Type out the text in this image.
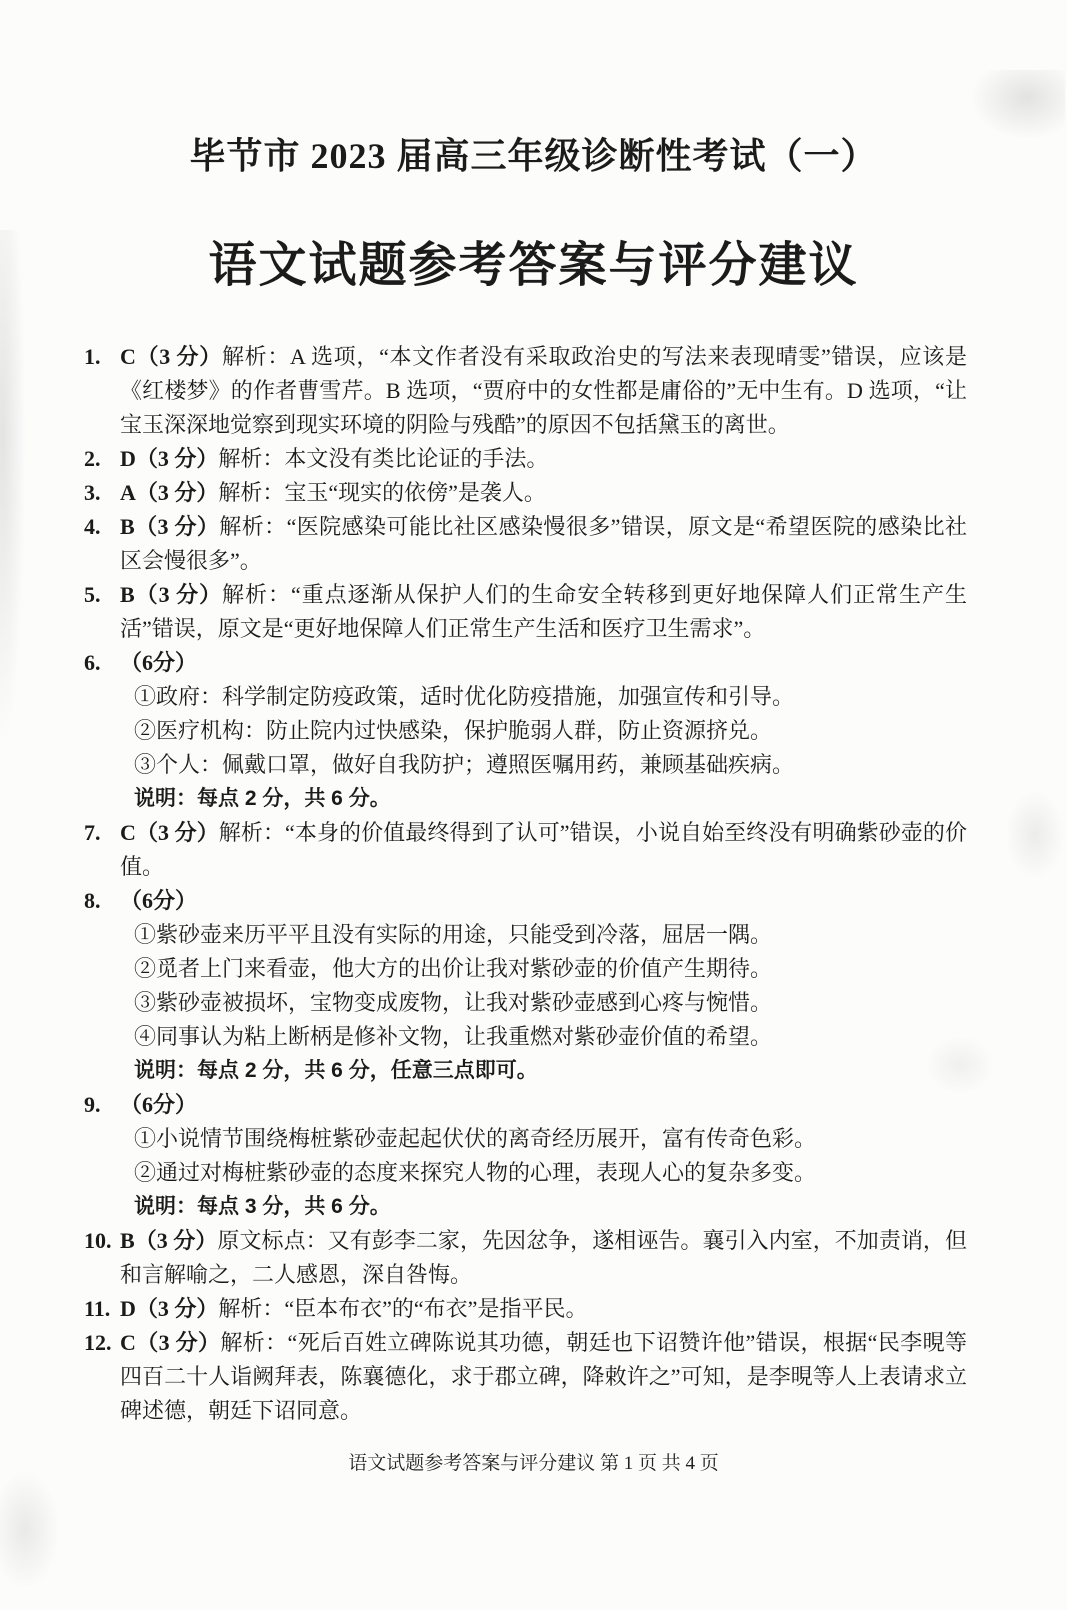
毕节市 2023 届高三年级诊断性考试（一）
语文试题参考答案与评分建议
1. C（3 分）解析：A 选项，“本文作者没有采取政治史的写法来表现晴雯”错误，应该是《红楼梦》的作者曹雪芹。B 选项，“贾府中的女性都是庸俗的”无中生有。D 选项，“让宝玉深深地觉察到现实环境的阴险与残酷”的原因不包括黛玉的离世。

2. D（3 分）解析：本文没有类比论证的手法。

3. A（3 分）解析：宝玉“现实的依傍”是袭人。

4. B（3 分）解析：“医院感染可能比社区感染慢很多”错误，原文是“希望医院的感染比社区会慢很多”。

5. B（3 分）解析：“重点逐渐从保护人们的生命安全转移到更好地保障人们正常生产生活”错误，原文是“更好地保障人们正常生产生活和医疗卫生需求”。

6. （6分）

①政府：科学制定防疫政策，适时优化防疫措施，加强宣传和引导。

②医疗机构：防止院内过快感染，保护脆弱人群，防止资源挤兑。

③个人：佩戴口罩，做好自我防护；遵照医嘱用药，兼顾基础疾病。

说明：每点 2 分，共 6 分。

7. C（3 分）解析：“本身的价值最终得到了认可”错误，小说自始至终没有明确紫砂壶的价值。

8. （6分）

①紫砂壶来历平平且没有实际的用途，只能受到冷落，屈居一隅。

②觅者上门来看壶，他大方的出价让我对紫砂壶的价值产生期待。

③紫砂壶被损坏，宝物变成废物，让我对紫砂壶感到心疼与惋惜。

④同事认为粘上断柄是修补文物，让我重燃对紫砂壶价值的希望。

说明：每点 2 分，共 6 分，任意三点即可。

9. （6分）

①小说情节围绕梅桩紫砂壶起起伏伏的离奇经历展开，富有传奇色彩。

②通过对梅桩紫砂壶的态度来探究人物的心理，表现人心的复杂多变。

说明：每点 3 分，共 6 分。

10. B（3 分）原文标点：又有彭李二家，先因忿争，遂相诬告。襄引入内室，不加责诮，但和言解喻之，二人感恩，深自咎悔。

11. D（3 分）解析：“臣本布衣”的“布衣”是指平民。

12. C（3 分）解析：“死后百姓立碑陈说其功德，朝廷也下诏赞许他”错误，根据“民李晛等四百二十人诣阙拜表，陈襄德化，求于郡立碑，降敕许之”可知，是李晛等人上表请求立碑述德，朝廷下诏同意。

语文试题参考答案与评分建议 第 1 页 共 4 页
